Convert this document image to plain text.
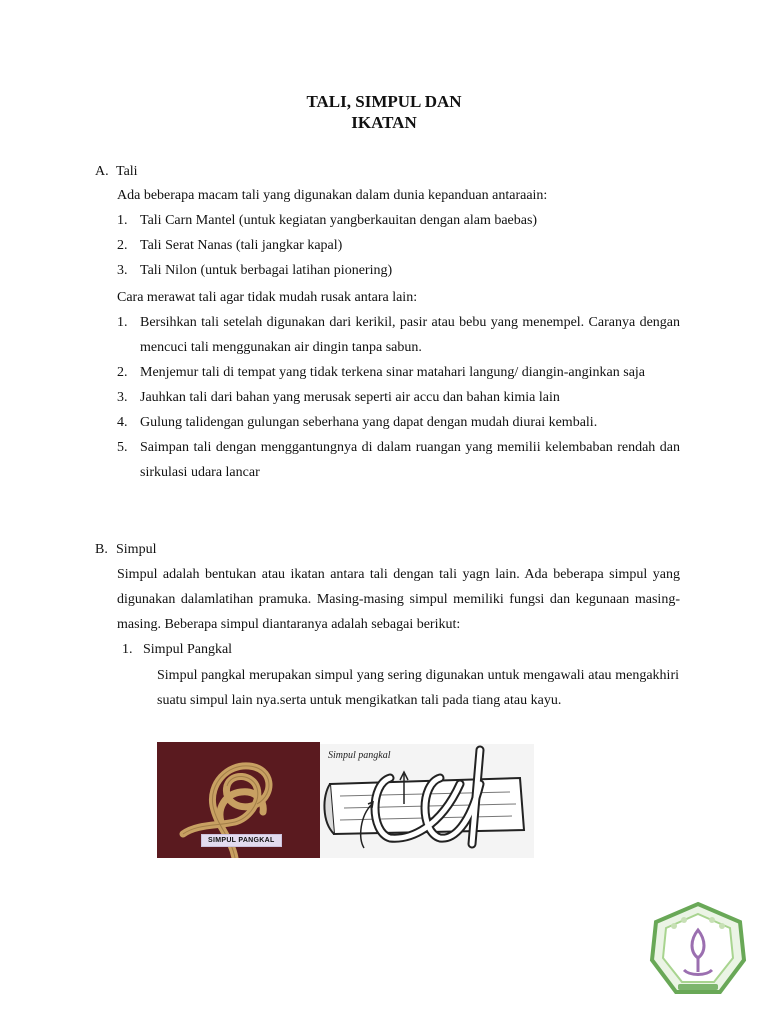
TALI, SIMPUL DAN
IKATAN
A. Tali
Ada beberapa macam tali yang digunakan dalam dunia kepanduan antaraain:
1. Tali Carn Mantel (untuk kegiatan yangberkauitan dengan alam baebas)
2. Tali Serat Nanas (tali jangkar kapal)
3. Tali Nilon (untuk berbagai latihan pionering)
Cara merawat tali agar tidak mudah rusak antara lain:
1. Bersihkan tali setelah digunakan dari kerikil, pasir atau bebu yang menempel. Caranya dengan mencuci tali menggunakan air dingin tanpa sabun.
2. Menjemur tali di tempat yang tidak terkena sinar matahari langung/ diangin-anginkan saja
3. Jauhkan tali dari bahan yang merusak seperti air accu dan bahan kimia lain
4. Gulung talidengan gulungan seberhana yang dapat dengan mudah diurai kembali.
5. Saimpan tali dengan menggantungnya di dalam ruangan yang memilii kelembaban rendah dan sirkulasi udara lancar
B. Simpul
Simpul adalah bentukan atau ikatan antara tali dengan tali yagn lain. Ada beberapa simpul yang digunakan dalamlatihan pramuka. Masing-masing simpul memiliki fungsi dan kegunaan masing-masing. Beberapa simpul diantaranya adalah sebagai berikut:
1. Simpul Pangkal
Simpul pangkal merupakan simpul yang sering digunakan untuk mengawali atau mengakhiri suatu simpul lain nya.serta untuk mengikatkan tali pada tiang atau kayu.
SIMPUL PANGKAL
Simpul pangkal
